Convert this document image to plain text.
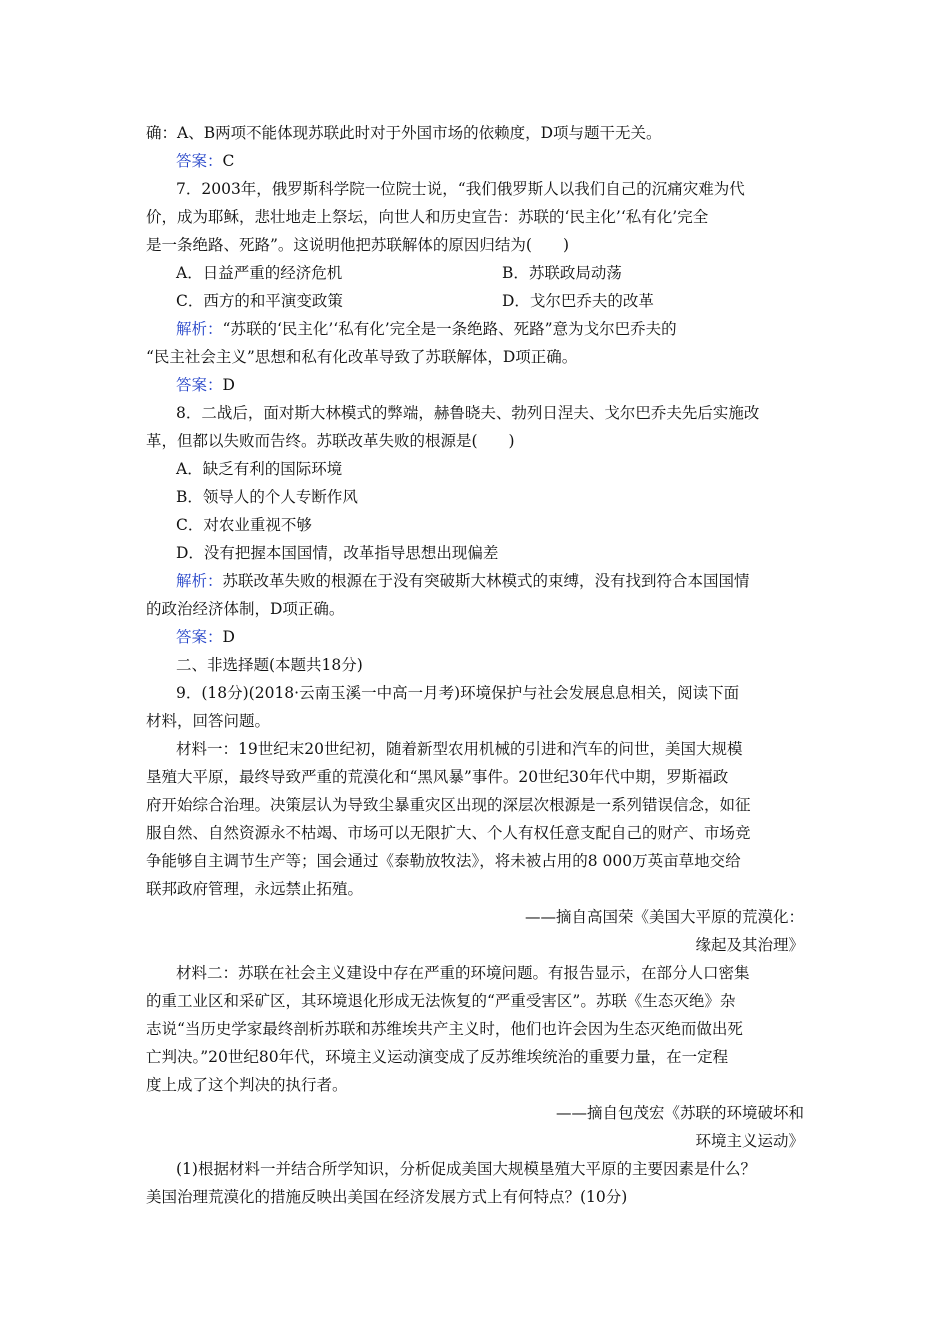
确：A、B两项不能体现苏联此时对于外国市场的依赖度，D项与题干无关。
答案：C
7．2003年，俄罗斯科学院一位院士说，“我们俄罗斯人以我们自己的沉痛灾难为代
价，成为耶稣，悲壮地走上祭坛，向世人和历史宣告：苏联的‘民主化’‘私有化’完全
是一条绝路、死路”。这说明他把苏联解体的原因归结为(　　)
A．日益严重的经济危机	B．苏联政局动荡
C．西方的和平演变政策	D．戈尔巴乔夫的改革
解析：“苏联的‘民主化’‘私有化’完全是一条绝路、死路”意为戈尔巴乔夫的
“民主社会主义”思想和私有化改革导致了苏联解体，D项正确。
答案：D
8．二战后，面对斯大林模式的弊端，赫鲁晓夫、勃列日涅夫、戈尔巴乔夫先后实施改
革，但都以失败而告终。苏联改革失败的根源是(　　)
A．缺乏有利的国际环境
B．领导人的个人专断作风
C．对农业重视不够
D．没有把握本国国情，改革指导思想出现偏差
解析：苏联改革失败的根源在于没有突破斯大林模式的束缚，没有找到符合本国国情
的政治经济体制，D项正确。
答案：D
二、非选择题(本题共18分)
9．(18分)(2018·云南玉溪一中高一月考)环境保护与社会发展息息相关，阅读下面
材料，回答问题。
材料一：19世纪末20世纪初，随着新型农用机械的引进和汽车的问世，美国大规模
垦殖大平原，最终导致严重的荒漠化和“黑风暴”事件。20世纪30年代中期，罗斯福政
府开始综合治理。决策层认为导致尘暴重灾区出现的深层次根源是一系列错误信念，如征
服自然、自然资源永不枯竭、市场可以无限扩大、个人有权任意支配自己的财产、市场竞
争能够自主调节生产等；国会通过《泰勒放牧法》，将未被占用的8 000万英亩草地交给
联邦政府管理，永远禁止拓殖。
——摘自高国荣《美国大平原的荒漠化：
缘起及其治理》
材料二：苏联在社会主义建设中存在严重的环境问题。有报告显示，在部分人口密集
的重工业区和采矿区，其环境退化形成无法恢复的“严重受害区”。苏联《生态灭绝》杂
志说“当历史学家最终剖析苏联和苏维埃共产主义时，他们也许会因为生态灭绝而做出死
亡判决。”20世纪80年代，环境主义运动演变成了反苏维埃统治的重要力量，在一定程
度上成了这个判决的执行者。
——摘自包茂宏《苏联的环境破坏和
环境主义运动》
(1)根据材料一并结合所学知识，分析促成美国大规模垦殖大平原的主要因素是什么？
美国治理荒漠化的措施反映出美国在经济发展方式上有何特点？(10分)
